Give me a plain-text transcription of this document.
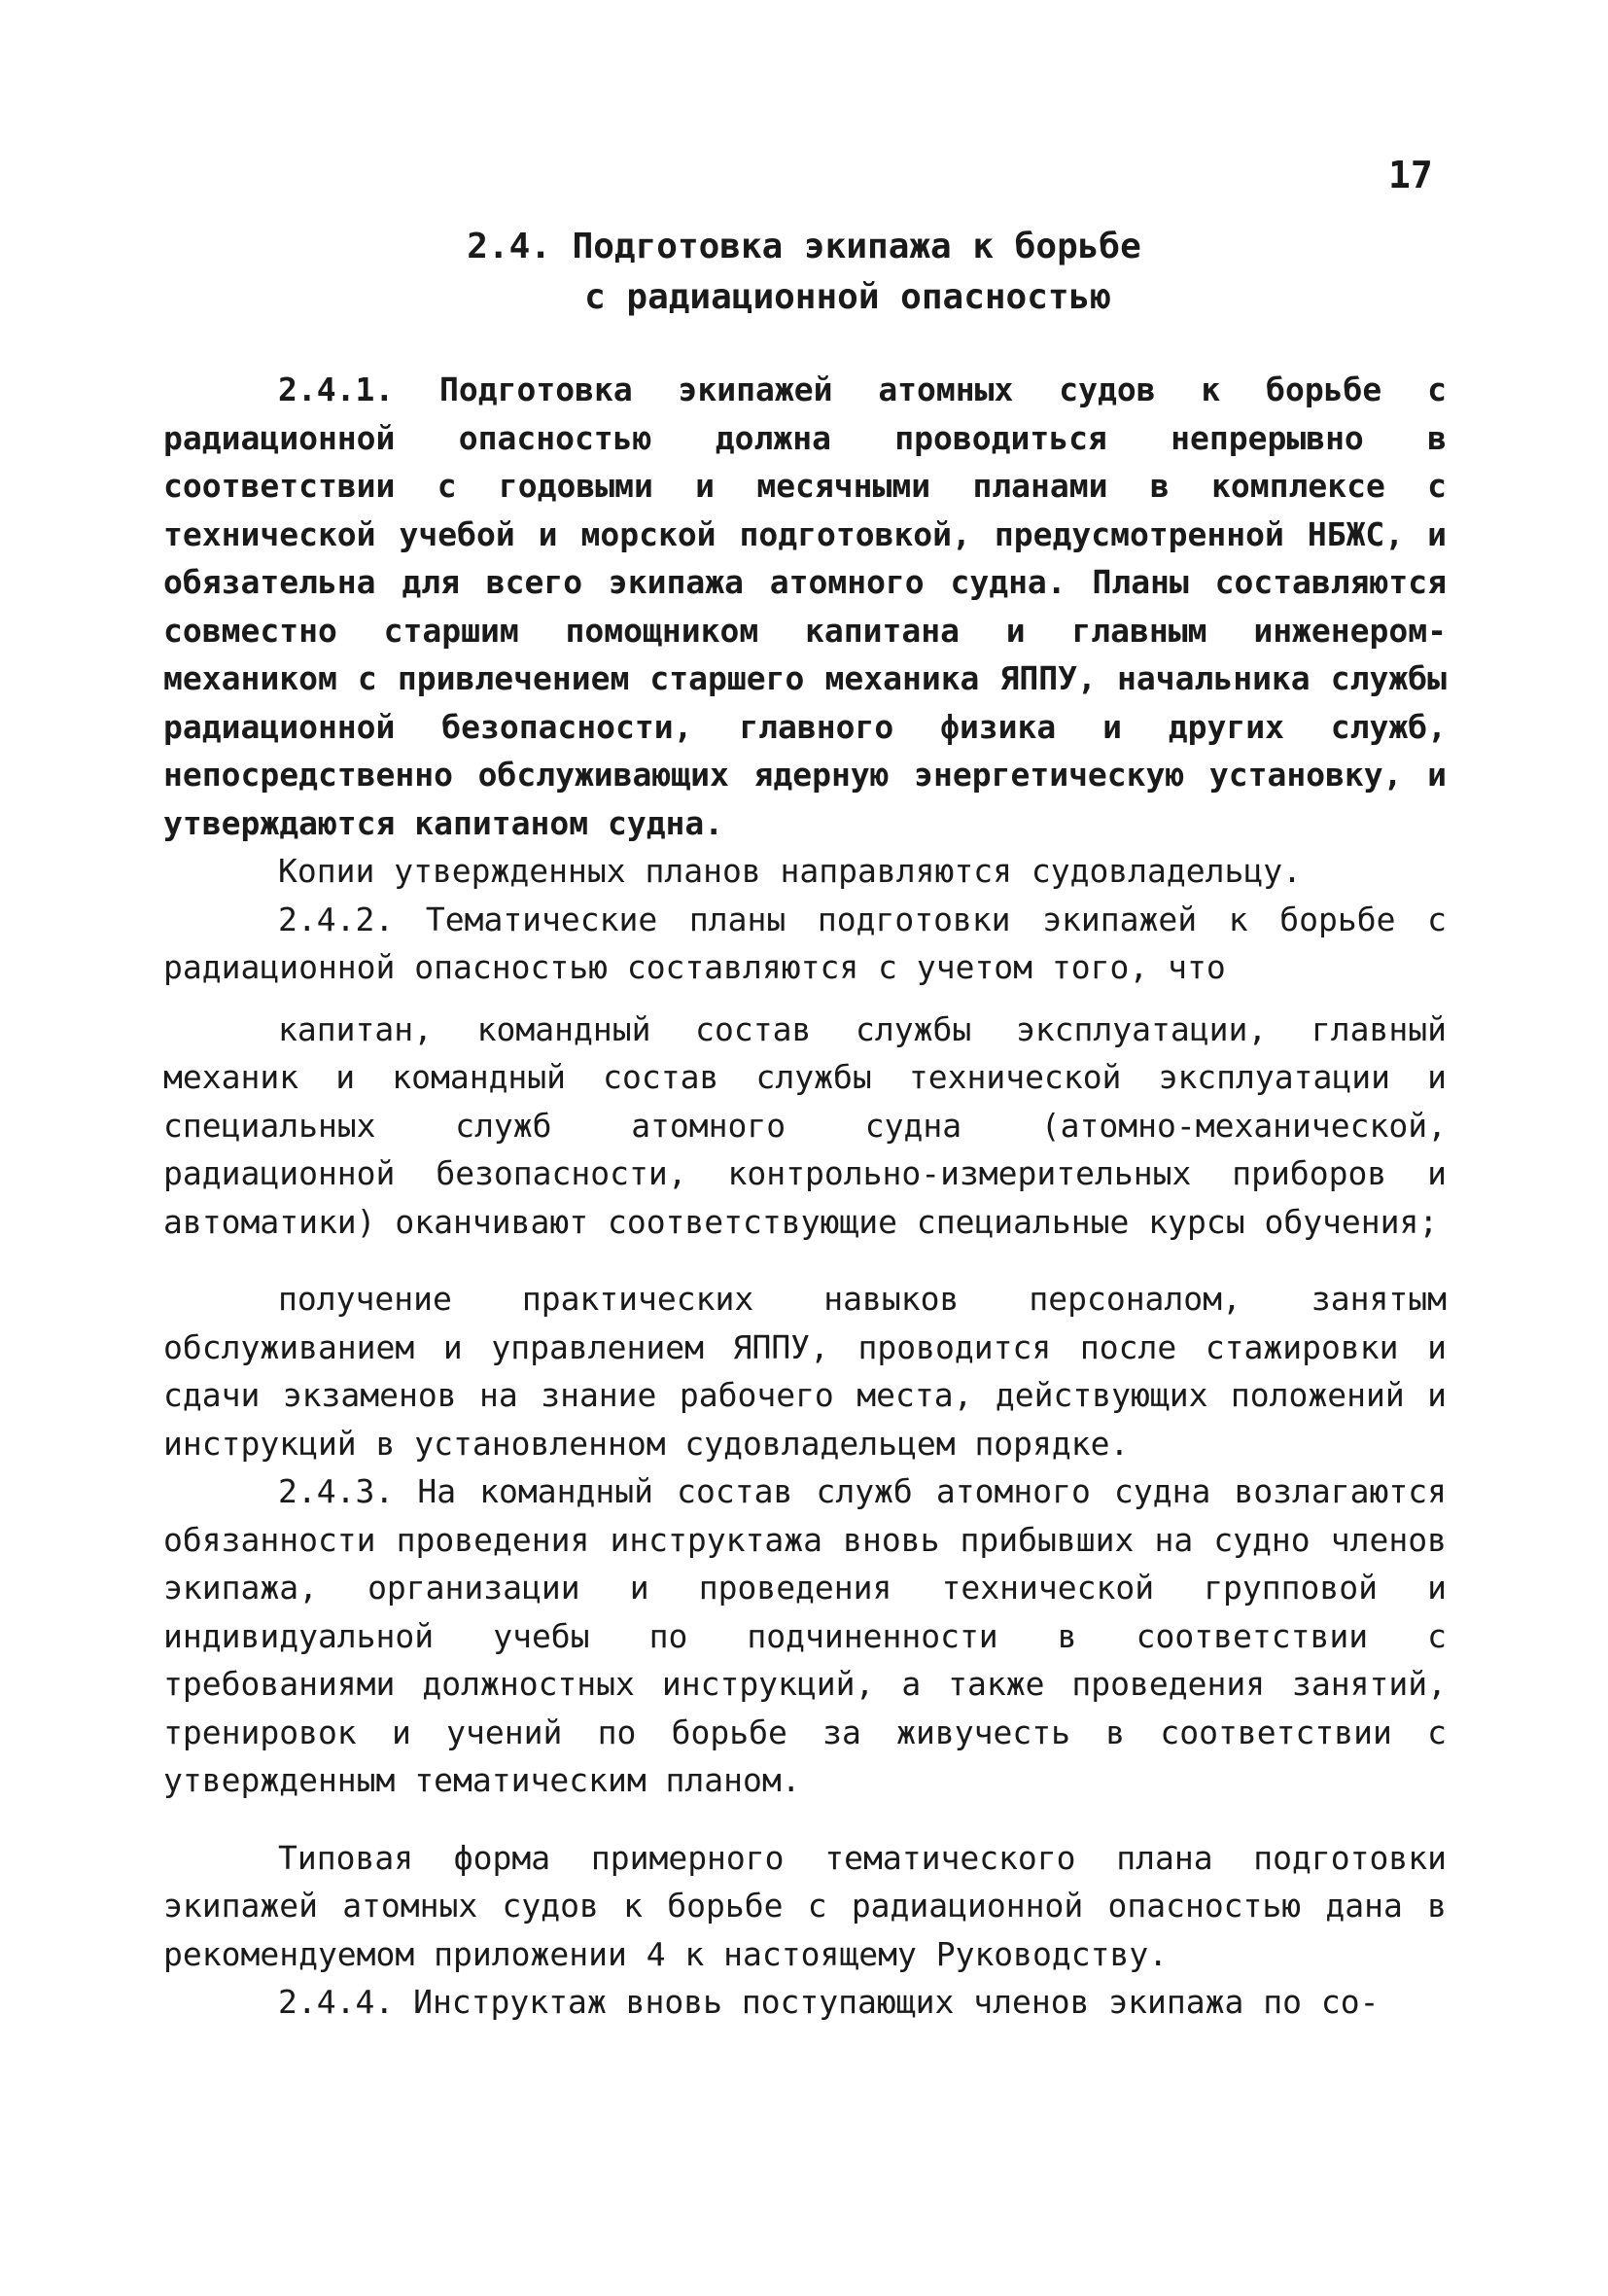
17
2.4. Подготовка экипажа к борьбе
с радиационной опасностью

2.4.1. Подготовка экипажей атомных судов к борьбе с радиационной опасностью должна проводиться непрерывно в соответствии с годовыми и месячными планами в комплексе с технической учебой и морской подготовкой, предусмотренной НБЖС, и обязательна для всего экипажа атомного судна. Планы составляются совместно старшим помощником капитана и главным инженером-механиком с привлечением старшего механика ЯППУ, начальника службы радиационной безопасности, главного физика и других служб, непосредственно обслуживающих ядерную энергетическую установку, и утверждаются капитаном судна.

Копии утвержденных планов направляются судовладельцу.

2.4.2. Тематические планы подготовки экипажей к борьбе с радиационной опасностью составляются с учетом того, что

капитан, командный состав службы эксплуатации, главный механик и командный состав службы технической эксплуатации и специальных служб атомного судна (атомно-механической, радиационной безопасности, контрольно-измерительных приборов и автоматики) оканчивают соответствующие специальные курсы обучения;

получение практических навыков персоналом, занятым обслуживанием и управлением ЯППУ, проводится после стажировки и сдачи экзаменов на знание рабочего места, действующих положений и инструкций в установленном судовладельцем порядке.

2.4.3. На командный состав служб атомного судна возлагаются обязанности проведения инструктажа вновь прибывших на судно членов экипажа, организации и проведения технической групповой и индивидуальной учебы по подчиненности в соответствии с требованиями должностных инструкций, а также проведения занятий, тренировок и учений по борьбе за живучесть в соответствии с утвержденным тематическим планом.

Типовая форма примерного тематического плана подготовки экипажей атомных судов к борьбе с радиационной опасностью дана в рекомендуемом приложении 4 к настоящему Руководству.

2.4.4. Инструктаж вновь поступающих членов экипажа по со-
